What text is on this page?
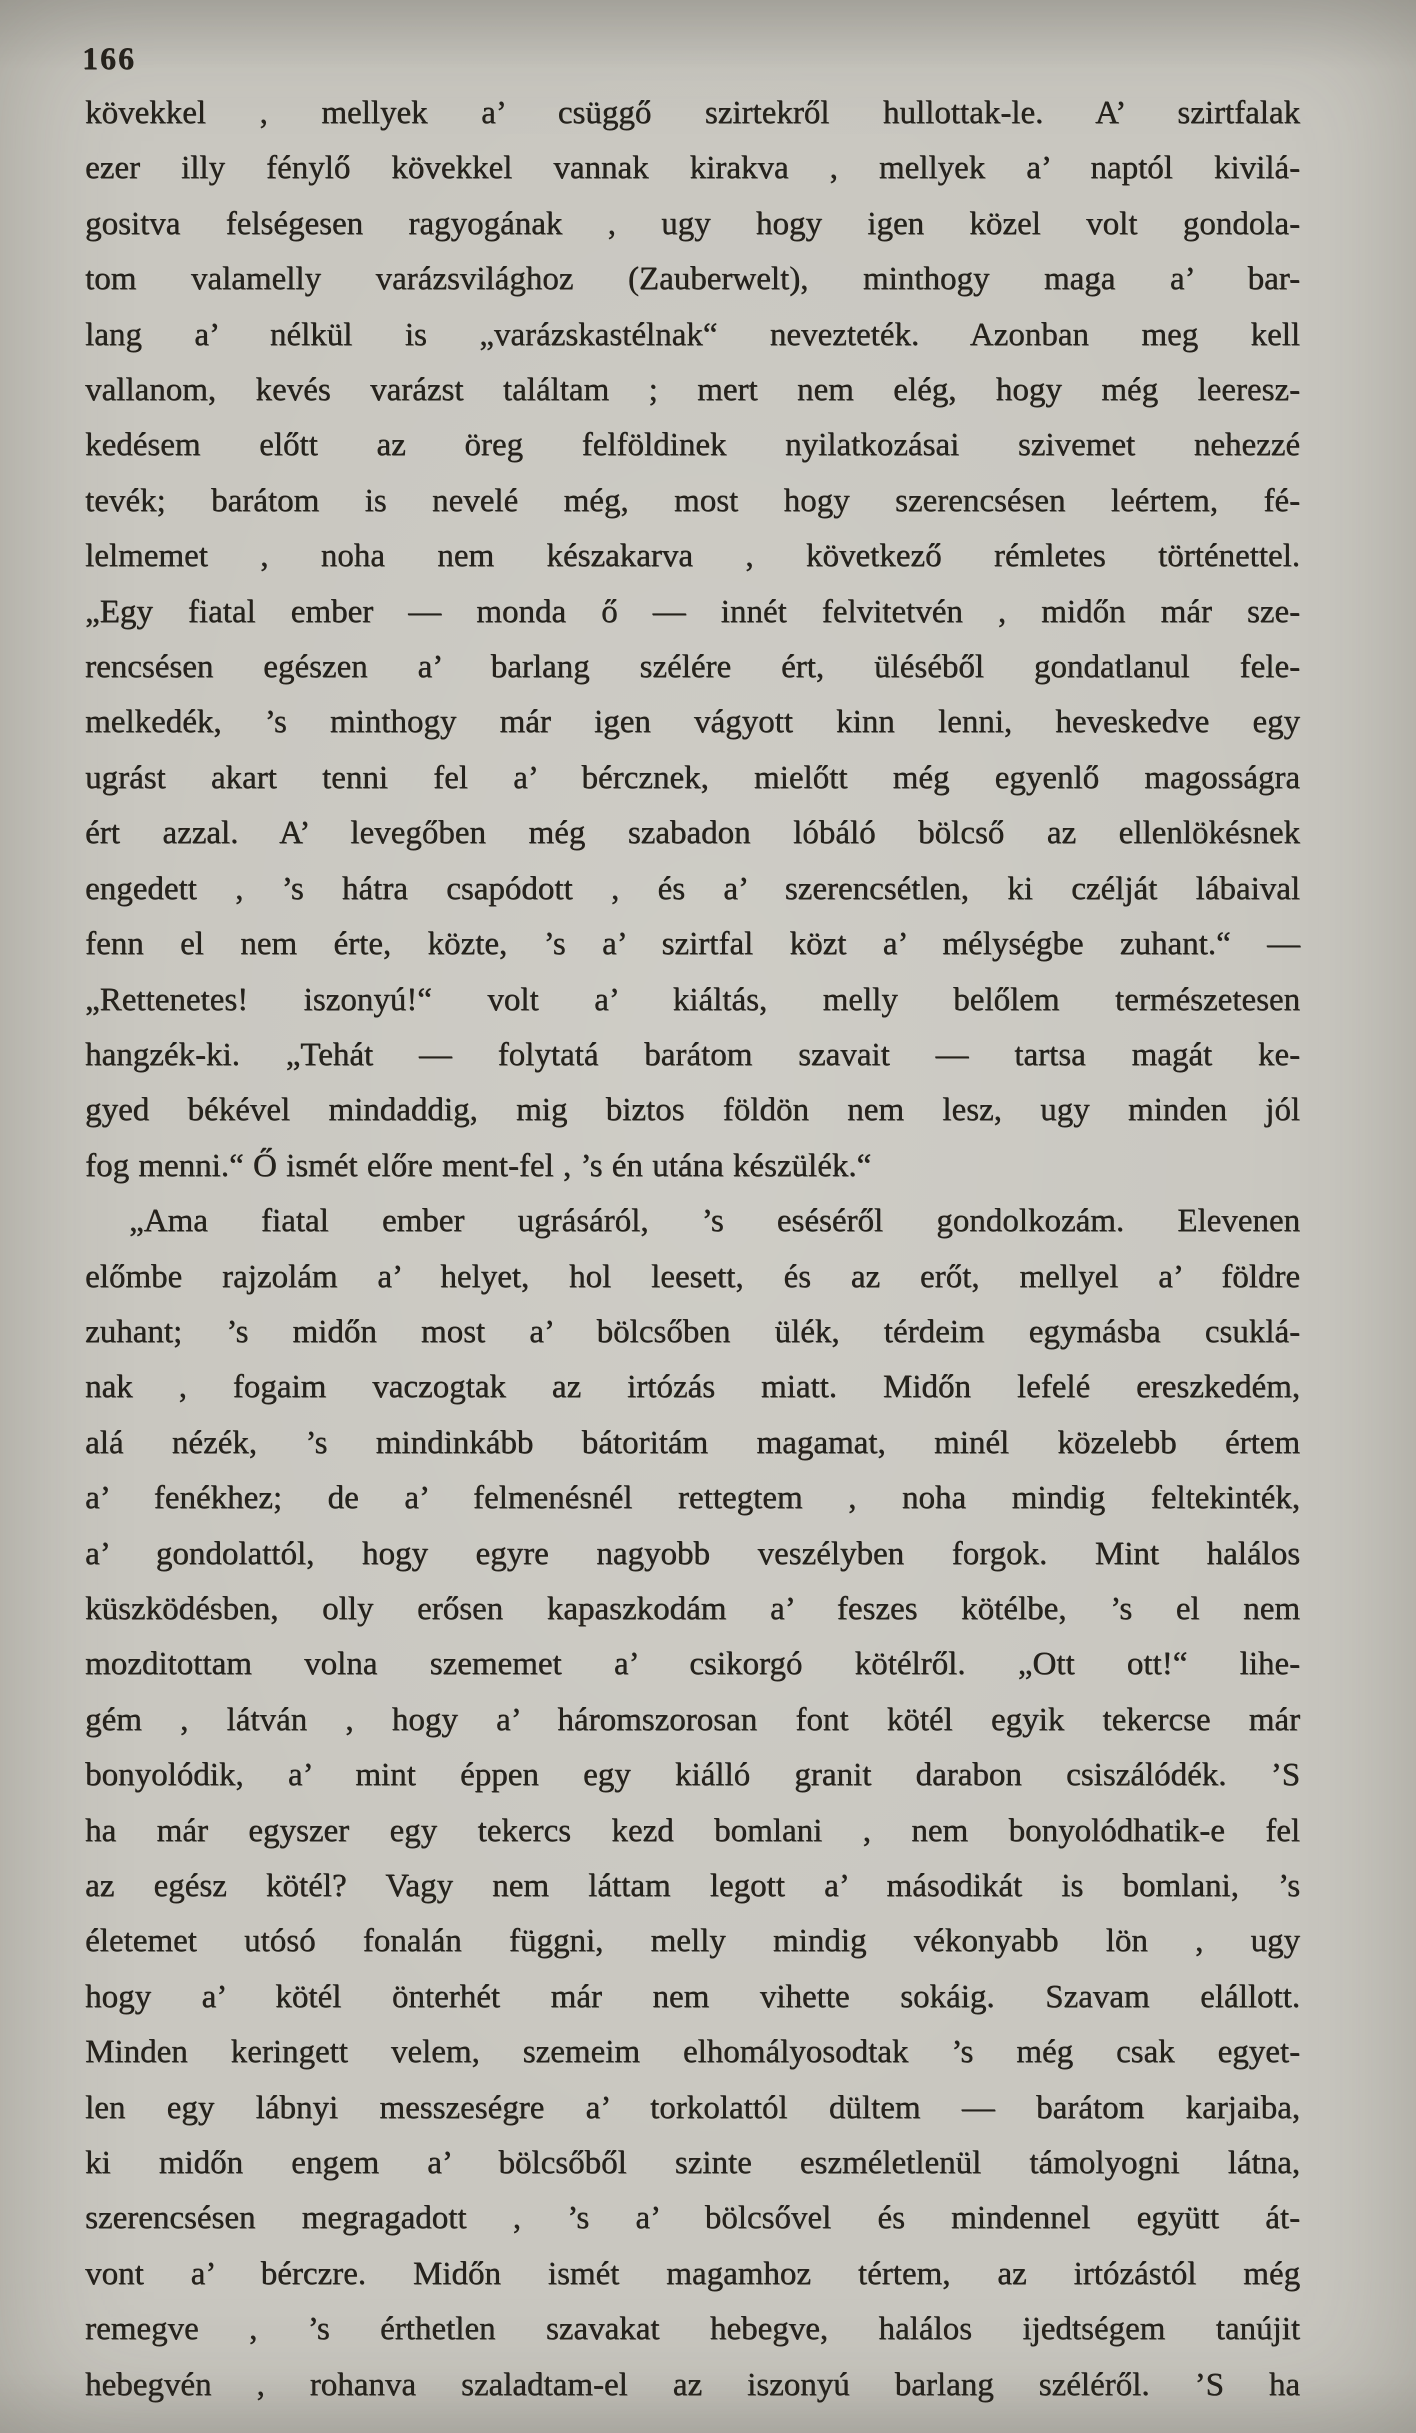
166
kövekkel , mellyek a’ csüggő szirtekről hullottak-le. A’ szirtfalak
ezer illy fénylő kövekkel vannak kirakva , mellyek a’ naptól kivilá-
gositva felségesen ragyogának , ugy hogy igen közel volt gondola-
tom valamelly varázsvilághoz (Zauberwelt), minthogy maga a’ bar-
lang a’ nélkül is „varázskastélnak“ nevezteték. Azonban meg kell
vallanom, kevés varázst találtam ; mert nem elég, hogy még leeresz-
kedésem előtt az öreg felföldinek nyilatkozásai szivemet nehezzé
tevék; barátom is nevelé még, most hogy szerencsésen leértem, fé-
lelmemet , noha nem készakarva , következő rémletes történettel.
„Egy fiatal ember — monda ő — innét felvitetvén , midőn már sze-
rencsésen egészen a’ barlang szélére ért, üléséből gondatlanul fele-
melkedék, ’s minthogy már igen vágyott kinn lenni, heveskedve egy
ugrást akart tenni fel a’ bércznek, mielőtt még egyenlő magosságra
ért azzal. A’ levegőben még szabadon lóbáló bölcső az ellenlökésnek
engedett , ’s hátra csapódott , és a’ szerencsétlen, ki czélját lábaival
fenn el nem érte, közte, ’s a’ szirtfal közt a’ mélységbe zuhant.“ —
„Rettenetes! iszonyú!“ volt a’ kiáltás, melly belőlem természetesen
hangzék-ki. „Tehát — folytatá barátom szavait — tartsa magát ke-
gyed békével mindaddig, mig biztos földön nem lesz, ugy minden jól
fog menni.“ Ő ismét előre ment-fel , ’s én utána készülék.“
„Ama fiatal ember ugrásáról, ’s eséséről gondolkozám. Elevenen
előmbe rajzolám a’ helyet, hol leesett, és az erőt, mellyel a’ földre
zuhant; ’s midőn most a’ bölcsőben ülék, térdeim egymásba csuklá-
nak , fogaim vaczogtak az irtózás miatt. Midőn lefelé ereszkedém,
alá nézék, ’s mindinkább bátoritám magamat, minél közelebb értem
a’ fenékhez; de a’ felmenésnél rettegtem , noha mindig feltekinték,
a’ gondolattól, hogy egyre nagyobb veszélyben forgok. Mint halálos
küszködésben, olly erősen kapaszkodám a’ feszes kötélbe, ’s el nem
mozditottam volna szememet a’ csikorgó kötélről. „Ott ott!“ lihe-
gém , látván , hogy a’ háromszorosan font kötél egyik tekercse már
bonyolódik, a’ mint éppen egy kiálló granit darabon csiszálódék. ’S
ha már egyszer egy tekercs kezd bomlani , nem bonyolódhatik-e fel
az egész kötél? Vagy nem láttam legott a’ másodikát is bomlani, ’s
életemet utósó fonalán függni, melly mindig vékonyabb lön , ugy
hogy a’ kötél önterhét már nem vihette sokáig. Szavam elállott.
Minden keringett velem, szemeim elhomályosodtak ’s még csak egyet-
len egy lábnyi messzeségre a’ torkolattól dültem — barátom karjaiba,
ki midőn engem a’ bölcsőből szinte eszméletlenül támolyogni látna,
szerencsésen megragadott , ’s a’ bölcsővel és mindennel együtt át-
vont a’ bérczre. Midőn ismét magamhoz tértem, az irtózástól még
remegve , ’s érthetlen szavakat hebegve, halálos ijedtségem tanújit
hebegvén , rohanva szaladtam-el az iszonyú barlang széléről. ’S ha
